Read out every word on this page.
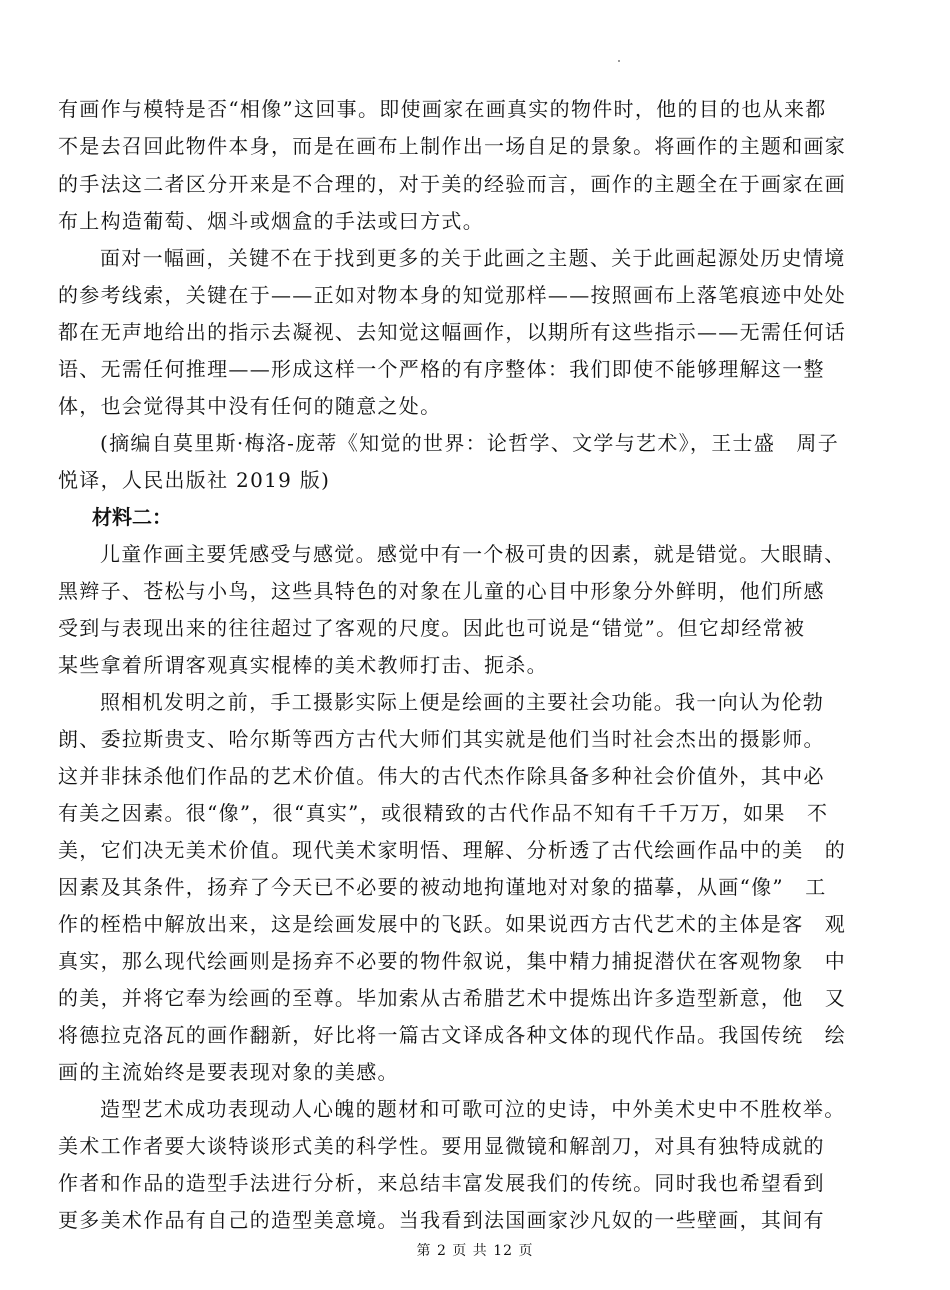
有画作与模特是否“相像”这回事。即使画家在画真实的物件时，他的目的也从来都
不是去召回此物件本身，而是在画布上制作出一场自足的景象。将画作的主题和画家
的手法这二者区分开来是不合理的，对于美的经验而言，画作的主题全在于画家在画
布上构造葡萄、烟斗或烟盒的手法或曰方式。
面对一幅画，关键不在于找到更多的关于此画之主题、关于此画起源处历史情境
的参考线索，关键在于——正如对物本身的知觉那样——按照画布上落笔痕迹中处处
都在无声地给出的指示去凝视、去知觉这幅画作，以期所有这些指示——无需任何话
语、无需任何推理——形成这样一个严格的有序整体：我们即使不能够理解这一整
体，也会觉得其中没有任何的随意之处。
(摘编自莫里斯·梅洛-庞蒂《知觉的世界：论哲学、文学与艺术》，王士盛　周子
悦译，人民出版社 2019 版)
材料二：
儿童作画主要凭感受与感觉。感觉中有一个极可贵的因素，就是错觉。大眼睛、
黑辫子、苍松与小鸟，这些具特色的对象在儿童的心目中形象分外鲜明，他们所感
受到与表现出来的往往超过了客观的尺度。因此也可说是“错觉”。但它却经常被
某些拿着所谓客观真实棍棒的美术教师打击、扼杀。
照相机发明之前，手工摄影实际上便是绘画的主要社会功能。我一向认为伦勃
朗、委拉斯贵支、哈尔斯等西方古代大师们其实就是他们当时社会杰出的摄影师。
这并非抹杀他们作品的艺术价值。伟大的古代杰作除具备多种社会价值外，其中必
有美之因素。很“像”，很“真实”，或很精致的古代作品不知有千千万万，如果　不
美，它们决无美术价值。现代美术家明悟、理解、分析透了古代绘画作品中的美　的
因素及其条件，扬弃了今天已不必要的被动地拘谨地对对象的描摹，从画“像”　工
作的桎梏中解放出来，这是绘画发展中的飞跃。如果说西方古代艺术的主体是客　观
真实，那么现代绘画则是扬弃不必要的物件叙说，集中精力捕捉潜伏在客观物象　中
的美，并将它奉为绘画的至尊。毕加索从古希腊艺术中提炼出许多造型新意，他　又
将德拉克洛瓦的画作翻新，好比将一篇古文译成各种文体的现代作品。我国传统　绘
画的主流始终是要表现对象的美感。
造型艺术成功表现动人心魄的题材和可歌可泣的史诗，中外美术史中不胜枚举。
美术工作者要大谈特谈形式美的科学性。要用显微镜和解剖刀，对具有独特成就的
作者和作品的造型手法进行分析，来总结丰富发展我们的传统。同时我也希望看到
更多美术作品有自己的造型美意境。当我看到法国画家沙凡奴的一些壁画，其间有
第 2 页 共 12 页
